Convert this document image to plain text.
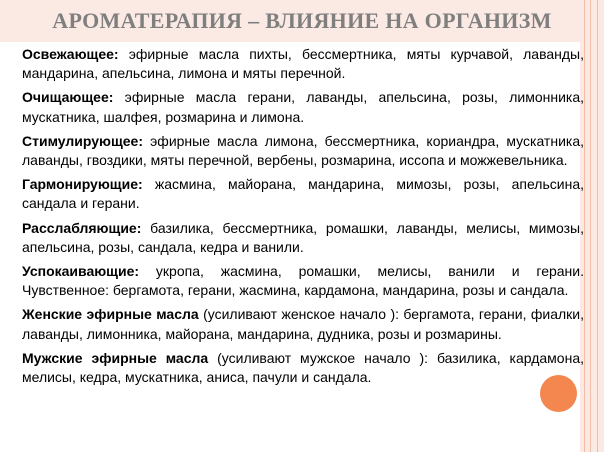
АРОМАТЕРАПИЯ – ВЛИЯНИЕ НА ОРГАНИЗМ

Освежающее: эфирные масла пихты, бессмертника, мяты курчавой, лаванды, мандарина, апельсина, лимона и мяты перечной.

Очищающее: эфирные масла герани, лаванды, апельсина, розы, лимонника, мускатника, шалфея, розмарина и лимона.

Стимулирующее: эфирные масла лимона, бессмертника, кориандра, мускатника, лаванды, гвоздики, мяты перечной, вербены, розмарина, иссопа и можжевельника.

Гармонирующие: жасмина, майорана, мандарина, мимозы, розы, апельсина, сандала и герани.

Расслабляющие: базилика, бессмертника, ромашки, лаванды, мелисы, мимозы, апельсина, розы, сандала, кедра и ванили.

Успокаивающие: укропа, жасмина, ромашки, мелисы, ванили и герани. Чувственное: бергамота, герани, жасмина, кардамона, мандарина, розы и сандала.

Женские эфирные масла (усиливают женское начало ): бергамота, герани, фиалки, лаванды, лимонника, майорана, мандарина, дудника, розы и розмарины.

Мужские эфирные масла (усиливают мужское начало ): базилика, кардамона, мелисы, кедра, мускатника, аниса, пачули и сандала.
